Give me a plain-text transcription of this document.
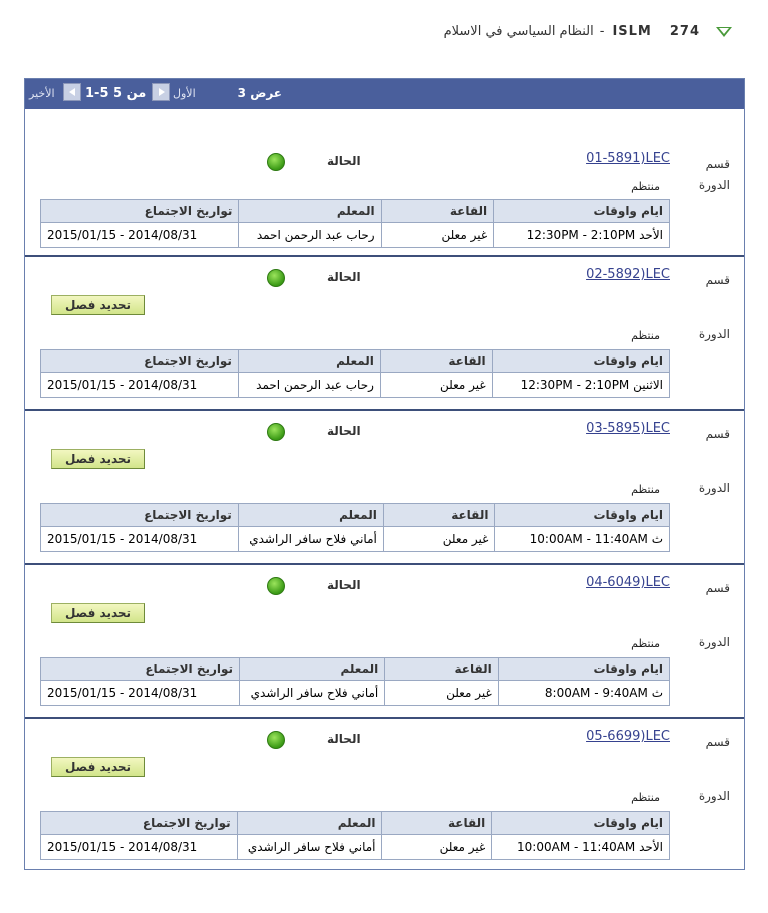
274
ISLM
-
النظام السياسي في الاسلام
عرض 3
الأول
1-5 من 5
الأخير
01-5891)LEC	قسم
الحالة
الدورة
منتظم
ايام واوقات	القاعة	المعلم	تواريخ الاجتماع
الأحد 12:30PM - 2:10PM	غير معلن	رحاب عبد الرحمن احمد	2015/01/15 - 2014/08/31
02-5892)LEC	قسم
الحالة
تحديد فصل
الدورة
منتظم
ايام واوقات	القاعة	المعلم	تواريخ الاجتماع
الاثنين 12:30PM - 2:10PM	غير معلن	رحاب عبد الرحمن احمد	2015/01/15 - 2014/08/31
03-5895)LEC	قسم
الحالة
تحديد فصل
الدورة
منتظم
ايام واوقات	القاعة	المعلم	تواريخ الاجتماع
ث 10:00AM - 11:40AM	غير معلن	أماني فلاح سافر الراشدي	2015/01/15 - 2014/08/31
04-6049)LEC	قسم
الحالة
تحديد فصل
الدورة
منتظم
ايام واوقات	القاعة	المعلم	تواريخ الاجتماع
ث 8:00AM - 9:40AM	غير معلن	أماني فلاح سافر الراشدي	2015/01/15 - 2014/08/31
05-6699)LEC	قسم
الحالة
تحديد فصل
الدورة
منتظم
ايام واوقات	القاعة	المعلم	تواريخ الاجتماع
الأحد 10:00AM - 11:40AM	غير معلن	أماني فلاح سافر الراشدي	2015/01/15 - 2014/08/31
